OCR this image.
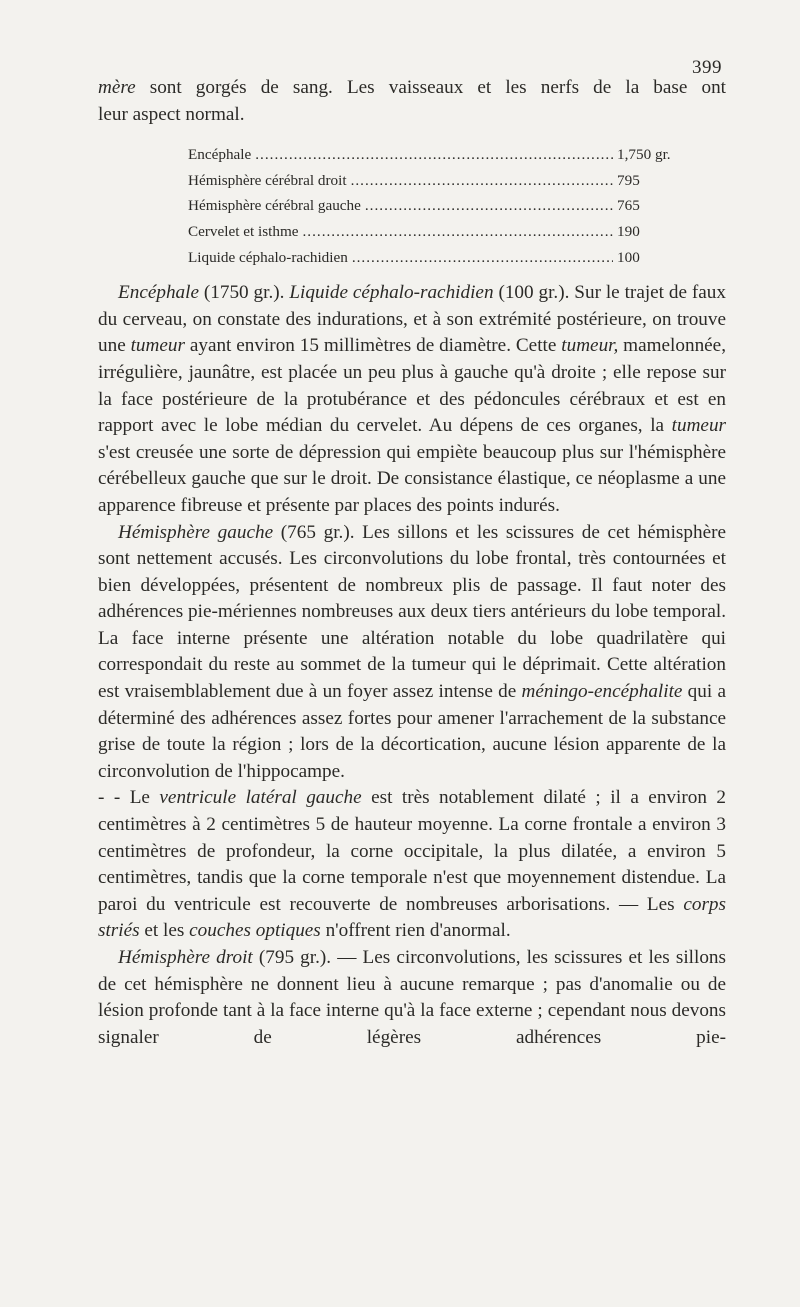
399

mère sont gorgés de sang. Les vaisseaux et les nerfs de la base ont

leur aspect normal.

Encéphale .....	1,750 gr.
Hémisphère cérébral droit .....	795
Hémisphère cérébral gauche .....	765
Cervelet et isthme .....	190
Liquide céphalo-rachidien .....	100

Encéphale (1750 gr.). Liquide céphalo-rachidien (100 gr.). Sur le trajet de faux du cerveau, on constate des indurations, et à son extrémité postérieure, on trouve une tumeur ayant environ 15 millimètres de diamètre. Cette tumeur, mamelonnée, irrégulière, jaunâtre, est placée un peu plus à gauche qu'à droite ; elle repose sur la face postérieure de la protubérance et des pédoncules cérébraux et est en rapport avec le lobe médian du cervelet. Au dépens de ces organes, la tumeur s'est creusée une sorte de dépression qui empiète beaucoup plus sur l'hémisphère cérébelleux gauche que sur le droit. De consistance élastique, ce néoplasme a une apparence fibreuse et présente par places des points indurés.

Hémisphère gauche (765 gr.). Les sillons et les scissures de cet hémisphère sont nettement accusés. Les circonvolutions du lobe frontal, très contournées et bien développées, présentent de nombreux plis de passage. Il faut noter des adhérences pie-mériennes nombreuses aux deux tiers antérieurs du lobe temporal. La face interne présente une altération notable du lobe quadrilatère qui correspondait du reste au sommet de la tumeur qui le déprimait. Cette altération est vraisemblablement due à un foyer assez intense de méningo-encéphalite qui a déterminé des adhérences assez fortes pour amener l'arrachement de la substance grise de toute la région ; lors de la décortication, aucune lésion apparente de la circonvolution de l'hippocampe.

- - Le ventricule latéral gauche est très notablement dilaté ; il a environ 2 centimètres à 2 centimètres 5 de hauteur moyenne. La corne frontale a environ 3 centimètres de profondeur, la corne occipitale, la plus dilatée, a environ 5 centimètres, tandis que la corne temporale n'est que moyennement distendue. La paroi du ventricule est recouverte de nombreuses arborisations. — Les corps striés et les couches optiques n'offrent rien d'anormal.

Hémisphère droit (795 gr.). — Les circonvolutions, les scissures et les sillons de cet hémisphère ne donnent lieu à aucune remarque ; pas d'anomalie ou de lésion profonde tant à la face interne qu'à la face externe ; cependant nous devons signaler de légères adhérences pie-
